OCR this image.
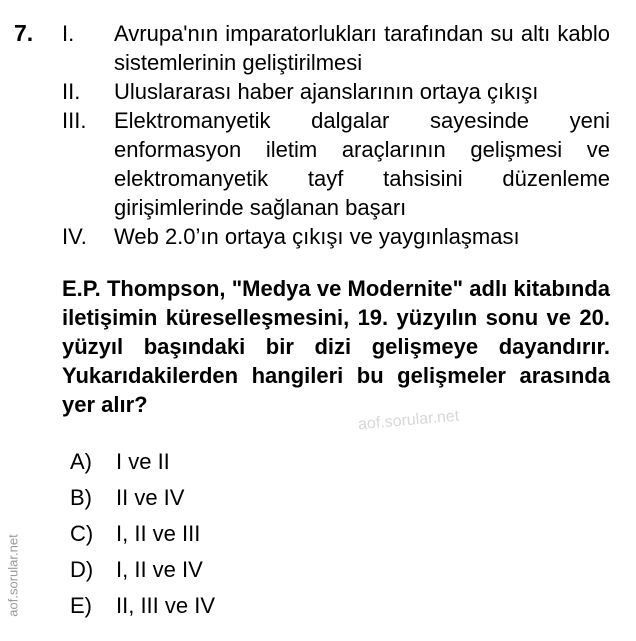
7. I. Avrupa'nın imparatorlukları tarafından su altı kablo sistemlerinin geliştirilmesi
II. Uluslararası haber ajanslarının ortaya çıkışı
III. Elektromanyetik dalgalar sayesinde yeni enformasyon iletim araçlarının gelişmesi ve elektromanyetik tayf tahsisini düzenleme girişimlerinde sağlanan başarı
IV. Web 2.0’ın ortaya çıkışı ve yaygınlaşması
E.P. Thompson, "Medya ve Modernite" adlı kitabında iletişimin küreselleşmesini, 19. yüzyılın sonu ve 20. yüzyıl başındaki bir dizi gelişmeye dayandırır. Yukarıdakilerden hangileri bu gelişmeler arasında yer alır?
aof.sorular.net
A) I ve II
B) II ve IV
C) I, II ve III
D) I, II ve IV
E) II, III ve IV
aof.sorular.net
